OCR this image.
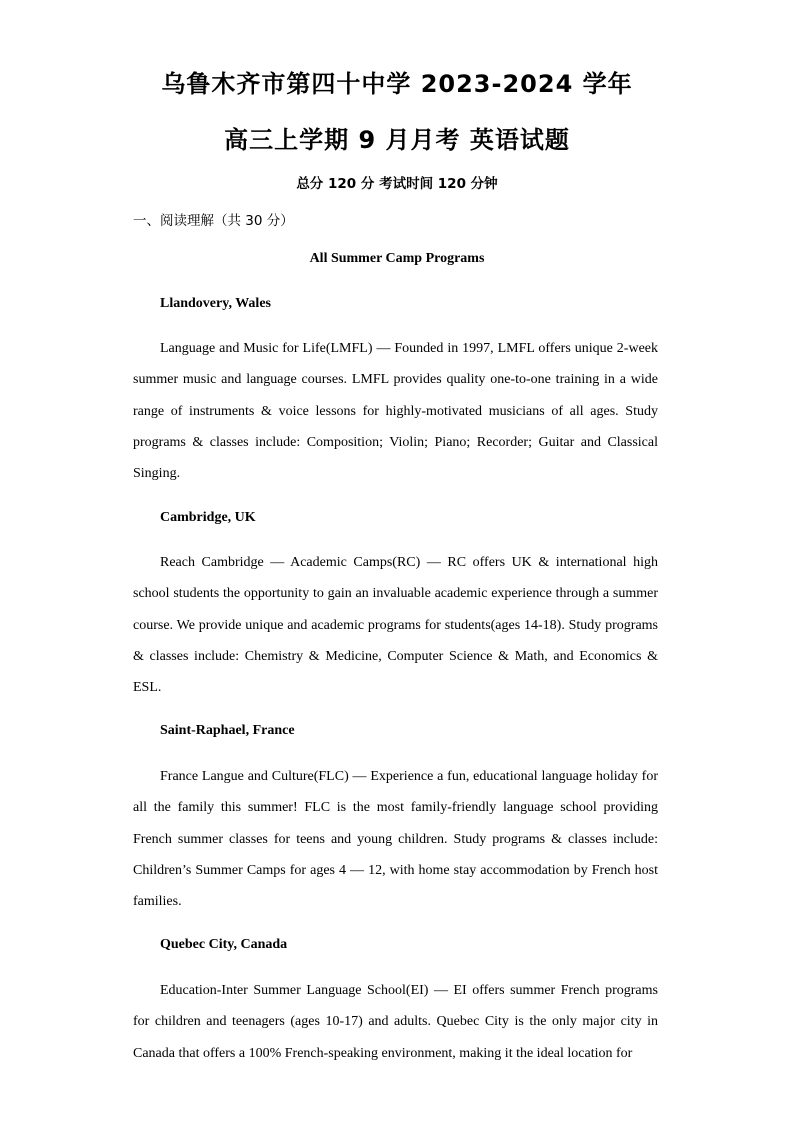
乌鲁木齐市第四十中学 2023-2024 学年
高三上学期 9 月月考 英语试题
总分 120 分 考试时间 120 分钟
一、阅读理解（共 30 分）
All Summer Camp Programs
Llandovery, Wales

Language and Music for Life(LMFL) — Founded in 1997, LMFL offers unique 2-week summer music and language courses. LMFL provides quality one-to-one training in a wide range of instruments & voice lessons for highly-motivated musicians of all ages. Study programs & classes include: Composition; Violin; Piano; Recorder; Guitar and Classical Singing.

Cambridge, UK

Reach Cambridge — Academic Camps(RC) — RC offers UK & international high school students the opportunity to gain an invaluable academic experience through a summer course. We provide unique and academic programs for students(ages 14-18). Study programs & classes include: Chemistry & Medicine, Computer Science & Math, and Economics & ESL.

Saint-Raphael, France

France Langue and Culture(FLC) — Experience a fun, educational language holiday for all the family this summer! FLC is the most family-friendly language school providing French summer classes for teens and young children. Study programs & classes include: Children’s Summer Camps for ages 4 — 12, with home stay accommodation by French host families.

Quebec City, Canada

Education-Inter Summer Language School(EI) — EI offers summer French programs for children and teenagers (ages 10-17) and adults. Quebec City is the only major city in Canada that offers a 100% French-speaking environment, making it the ideal location for
